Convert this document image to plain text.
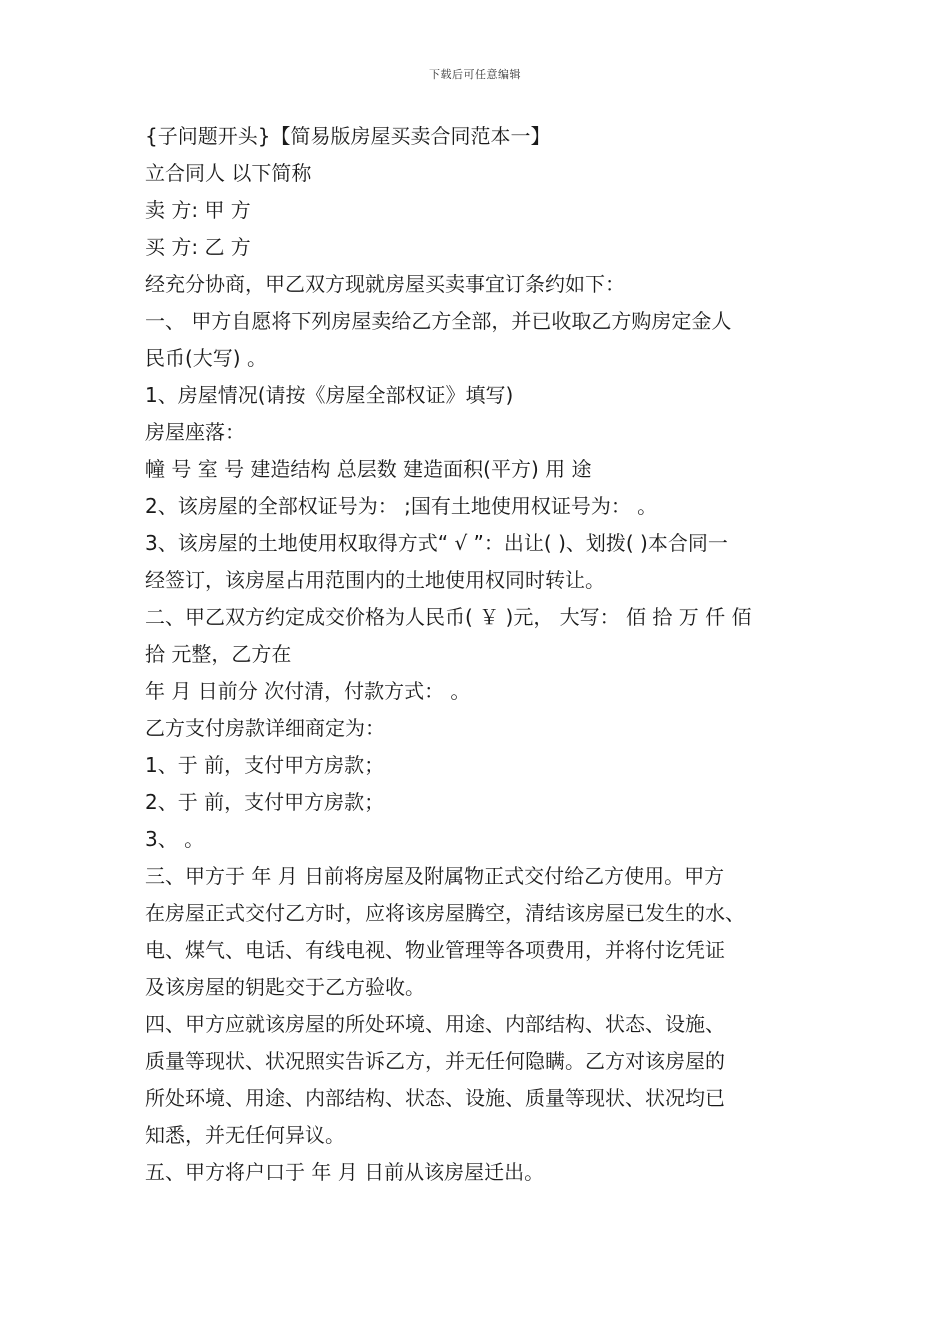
下载后可任意编辑

{子问题开头}【简易版房屋买卖合同范本一】

立合同人 以下简称

卖 方: 甲 方

买 方: 乙 方

经充分协商，甲乙双方现就房屋买卖事宜订条约如下：

一、 甲方自愿将下列房屋卖给乙方全部，并已收取乙方购房定金人

民币(大写) 。

1、房屋情况(请按《房屋全部权证》填写)

房屋座落：

幢 号 室 号 建造结构 总层数 建造面积(平方) 用 途

2、该房屋的全部权证号为： ;国有土地使用权证号为： 。

3、该房屋的土地使用权取得方式“ √ ”：出让( )、划拨( )本合同一

经签订，该房屋占用范围内的土地使用权同时转让。

二、甲乙双方约定成交价格为人民币( ￥ )元， 大写： 佰 拾 万 仟 佰

拾 元整，乙方在

年 月 日前分 次付清，付款方式： 。

乙方支付房款详细商定为：

1、于 前，支付甲方房款；

2、于 前，支付甲方房款；

3、 。

三、甲方于 年 月 日前将房屋及附属物正式交付给乙方使用。甲方

在房屋正式交付乙方时，应将该房屋腾空，清结该房屋已发生的水、

电、煤气、电话、有线电视、物业管理等各项费用，并将付讫凭证

及该房屋的钥匙交于乙方验收。

四、甲方应就该房屋的所处环境、用途、内部结构、状态、设施、

质量等现状、状况照实告诉乙方，并无任何隐瞒。乙方对该房屋的

所处环境、用途、内部结构、状态、设施、质量等现状、状况均已

知悉，并无任何异议。

五、甲方将户口于 年 月 日前从该房屋迁出。
